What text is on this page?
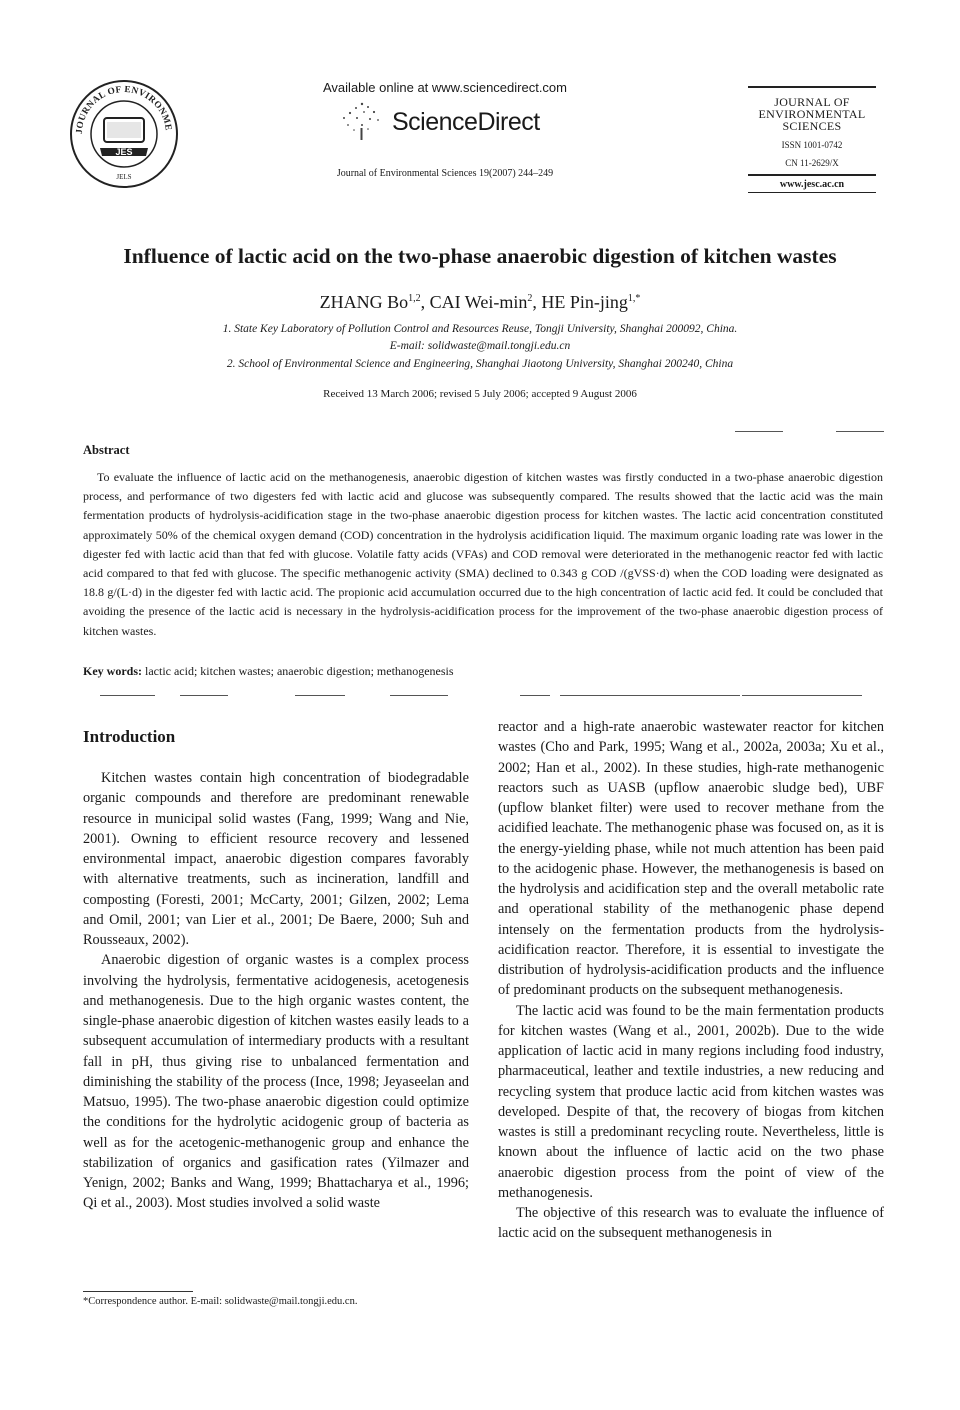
JOURNAL OF ENVIRONME
JES
JELS
Available online at www.sciencedirect.com
ScienceDirect
Journal of Environmental Sciences 19(2007) 244–249
JOURNAL OF
ENVIRONMENTAL
SCIENCES
ISSN 1001-0742
CN 11-2629/X
www.jesc.ac.cn
Influence of lactic acid on the two-phase anaerobic digestion of kitchen wastes
ZHANG Bo$^{1,2}$, CAI Wei-$\min^2$, HE Pin-jing$^{1,*}$
1. State Key Laboratory of Pollution Control and Resources Reuse, Tongji University, Shanghai 200092, China.
E-mail: solidwaste@mail.tongji.edu.cn
2. School of Environmental Science and Engineering, Shanghai Jiaotong University, Shanghai 200240, China
Received 13 March 2006; revised 5 July 2006; accepted 9 August 2006
Abstract
To evaluate the influence of lactic acid on the methanogenesis, anaerobic digestion of kitchen wastes was firstly conducted in a two-phase anaerobic digestion process, and performance of two digesters fed with lactic acid and glucose was subsequently compared. The results showed that the lactic acid was the main fermentation products of hydrolysis-acidification stage in the two-phase anaerobic digestion process for kitchen wastes. The lactic acid concentration constituted approximately 50% of the chemical oxygen demand (COD) concentration in the hydrolysis acidification liquid. The maximum organic loading rate was lower in the digester fed with lactic acid than that fed with glucose. Volatile fatty acids (VFAs) and COD removal were deteriorated in the methanogenic reactor fed with lactic acid compared to that fed with glucose. The specific methanogenic activity (SMA) declined to 0.343 g COD /(gVSS·d) when the COD loading were designated as 18.8 g/(L·d) in the digester fed with lactic acid. The propionic acid accumulation occurred due to the high concentration of lactic acid fed. It could be concluded that avoiding the presence of the lactic acid is necessary in the hydrolysis-acidification process for the improvement of the two-phase anaerobic digestion process of kitchen wastes.
Key words: lactic acid; kitchen wastes; anaerobic digestion; methanogenesis
Introduction

Kitchen wastes contain high concentration of biodegradable organic compounds and therefore are predominant renewable resource in municipal solid wastes (Fang, 1999; Wang and Nie, 2001). Owning to efficient resource recovery and lessened environmental impact, anaerobic digestion compares favorably with alternative treatments, such as incineration, landfill and composting (Foresti, 2001; McCarty, 2001; Gilzen, 2002; Lema and Omil, 2001; van Lier et al., 2001; De Baere, 2000; Suh and Rousseaux, 2002).

Anaerobic digestion of organic wastes is a complex process involving the hydrolysis, fermentative acidogenesis, acetogenesis and methanogenesis. Due to the high organic wastes content, the single-phase anaerobic digestion of kitchen wastes easily leads to a subsequent accumulation of intermediary products with a resultant fall in pH, thus giving rise to unbalanced fermentation and diminishing the stability of the process (Ince, 1998; Jeyaseelan and Matsuo, 1995). The two-phase anaerobic digestion could optimize the conditions for the hydrolytic acidogenic group of bacteria as well as for the acetogenic-methanogenic group and enhance the stabilization of organics and gasification rates (Yilmazer and Yenign, 2002; Banks and Wang, 1999; Bhattacharya et al., 1996; Qi et al., 2003). Most studies involved a solid waste

reactor and a high-rate anaerobic wastewater reactor for kitchen wastes (Cho and Park, 1995; Wang et al., 2002a, 2003a; Xu et al., 2002; Han et al., 2002). In these studies, high-rate methanogenic reactors such as UASB (upflow anaerobic sludge bed), UBF (upflow blanket filter) were used to recover methane from the acidified leachate. The methanogenic phase was focused on, as it is the energy-yielding phase, while not much attention has been paid to the acidogenic phase. However, the methanogenesis is based on the hydrolysis and acidification step and the overall metabolic rate and operational stability of the methanogenic phase depend intensely on the fermentation products from the hydrolysis-acidification reactor. Therefore, it is essential to investigate the distribution of hydrolysis-acidification products and the influence of predominant products on the subsequent methanogenesis.

The lactic acid was found to be the main fermentation products for kitchen wastes (Wang et al., 2001, 2002b). Due to the wide application of lactic acid in many regions including food industry, pharmaceutical, leather and textile industries, a new reducing and recycling system that produce lactic acid from kitchen wastes was developed. Despite of that, the recovery of biogas from kitchen wastes is still a predominant recycling route. Nevertheless, little is known about the influence of lactic acid on the two phase anaerobic digestion process from the point of view of the methanogenesis.

The objective of this research was to evaluate the influence of lactic acid on the subsequent methanogenesis in

*Correspondence author. E-mail: solidwaste@mail.tongji.edu.cn.
